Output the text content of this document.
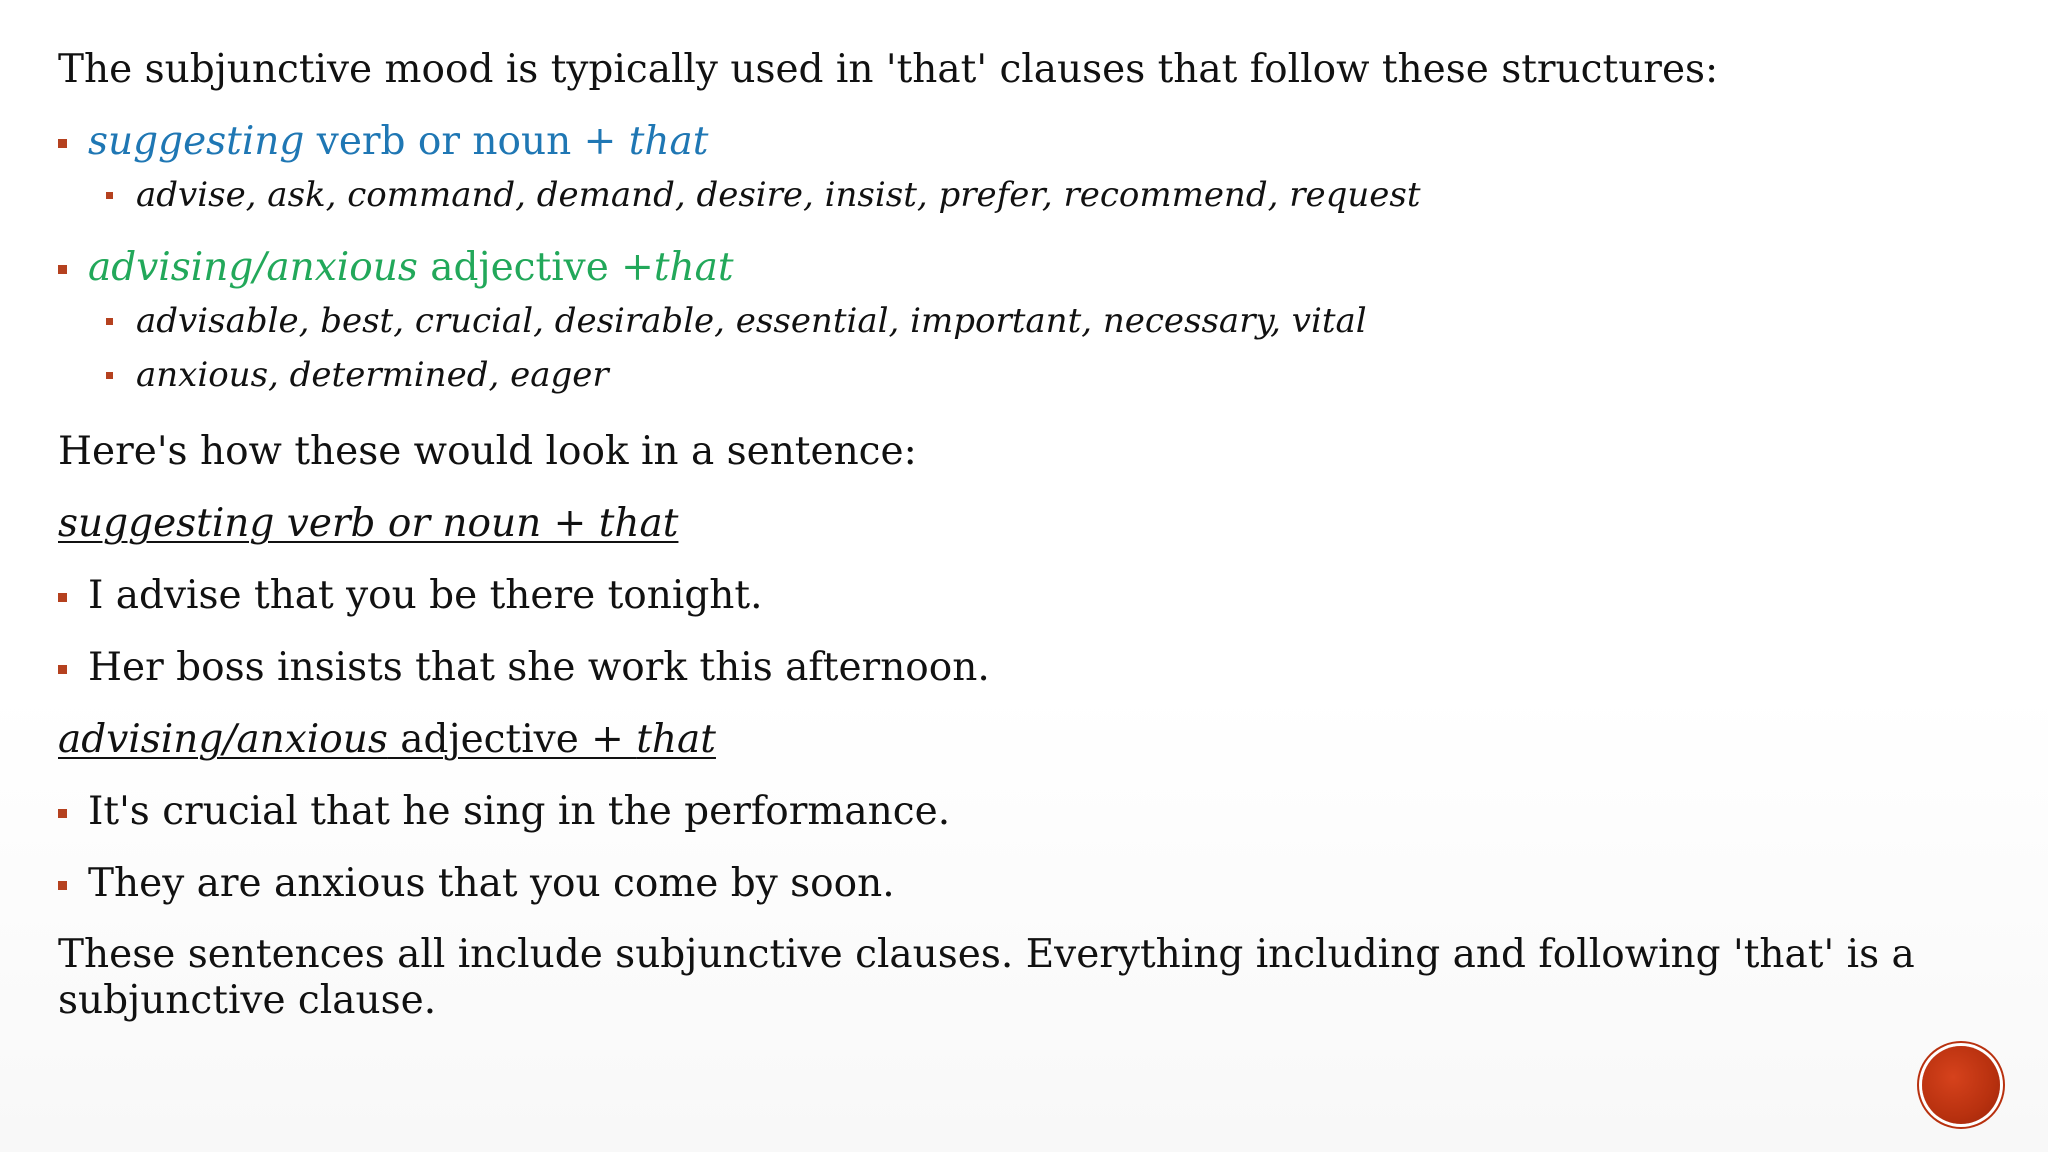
The subjunctive mood is typically used in 'that' clauses that follow these structures:

suggesting verb or noun + that
advise, ask, command, demand, desire, insist, prefer, recommend, request
advising/anxious adjective +that
advisable, best, crucial, desirable, essential, important, necessary, vital
anxious, determined, eager

Here's how these would look in a sentence:

suggesting verb or noun + that

I advise that you be there tonight.
Her boss insists that she work this afternoon.

advising/anxious adjective + that

It's crucial that he sing in the performance.
They are anxious that you come by soon.

These sentences all include subjunctive clauses. Everything including and following 'that' is a subjunctive clause.
